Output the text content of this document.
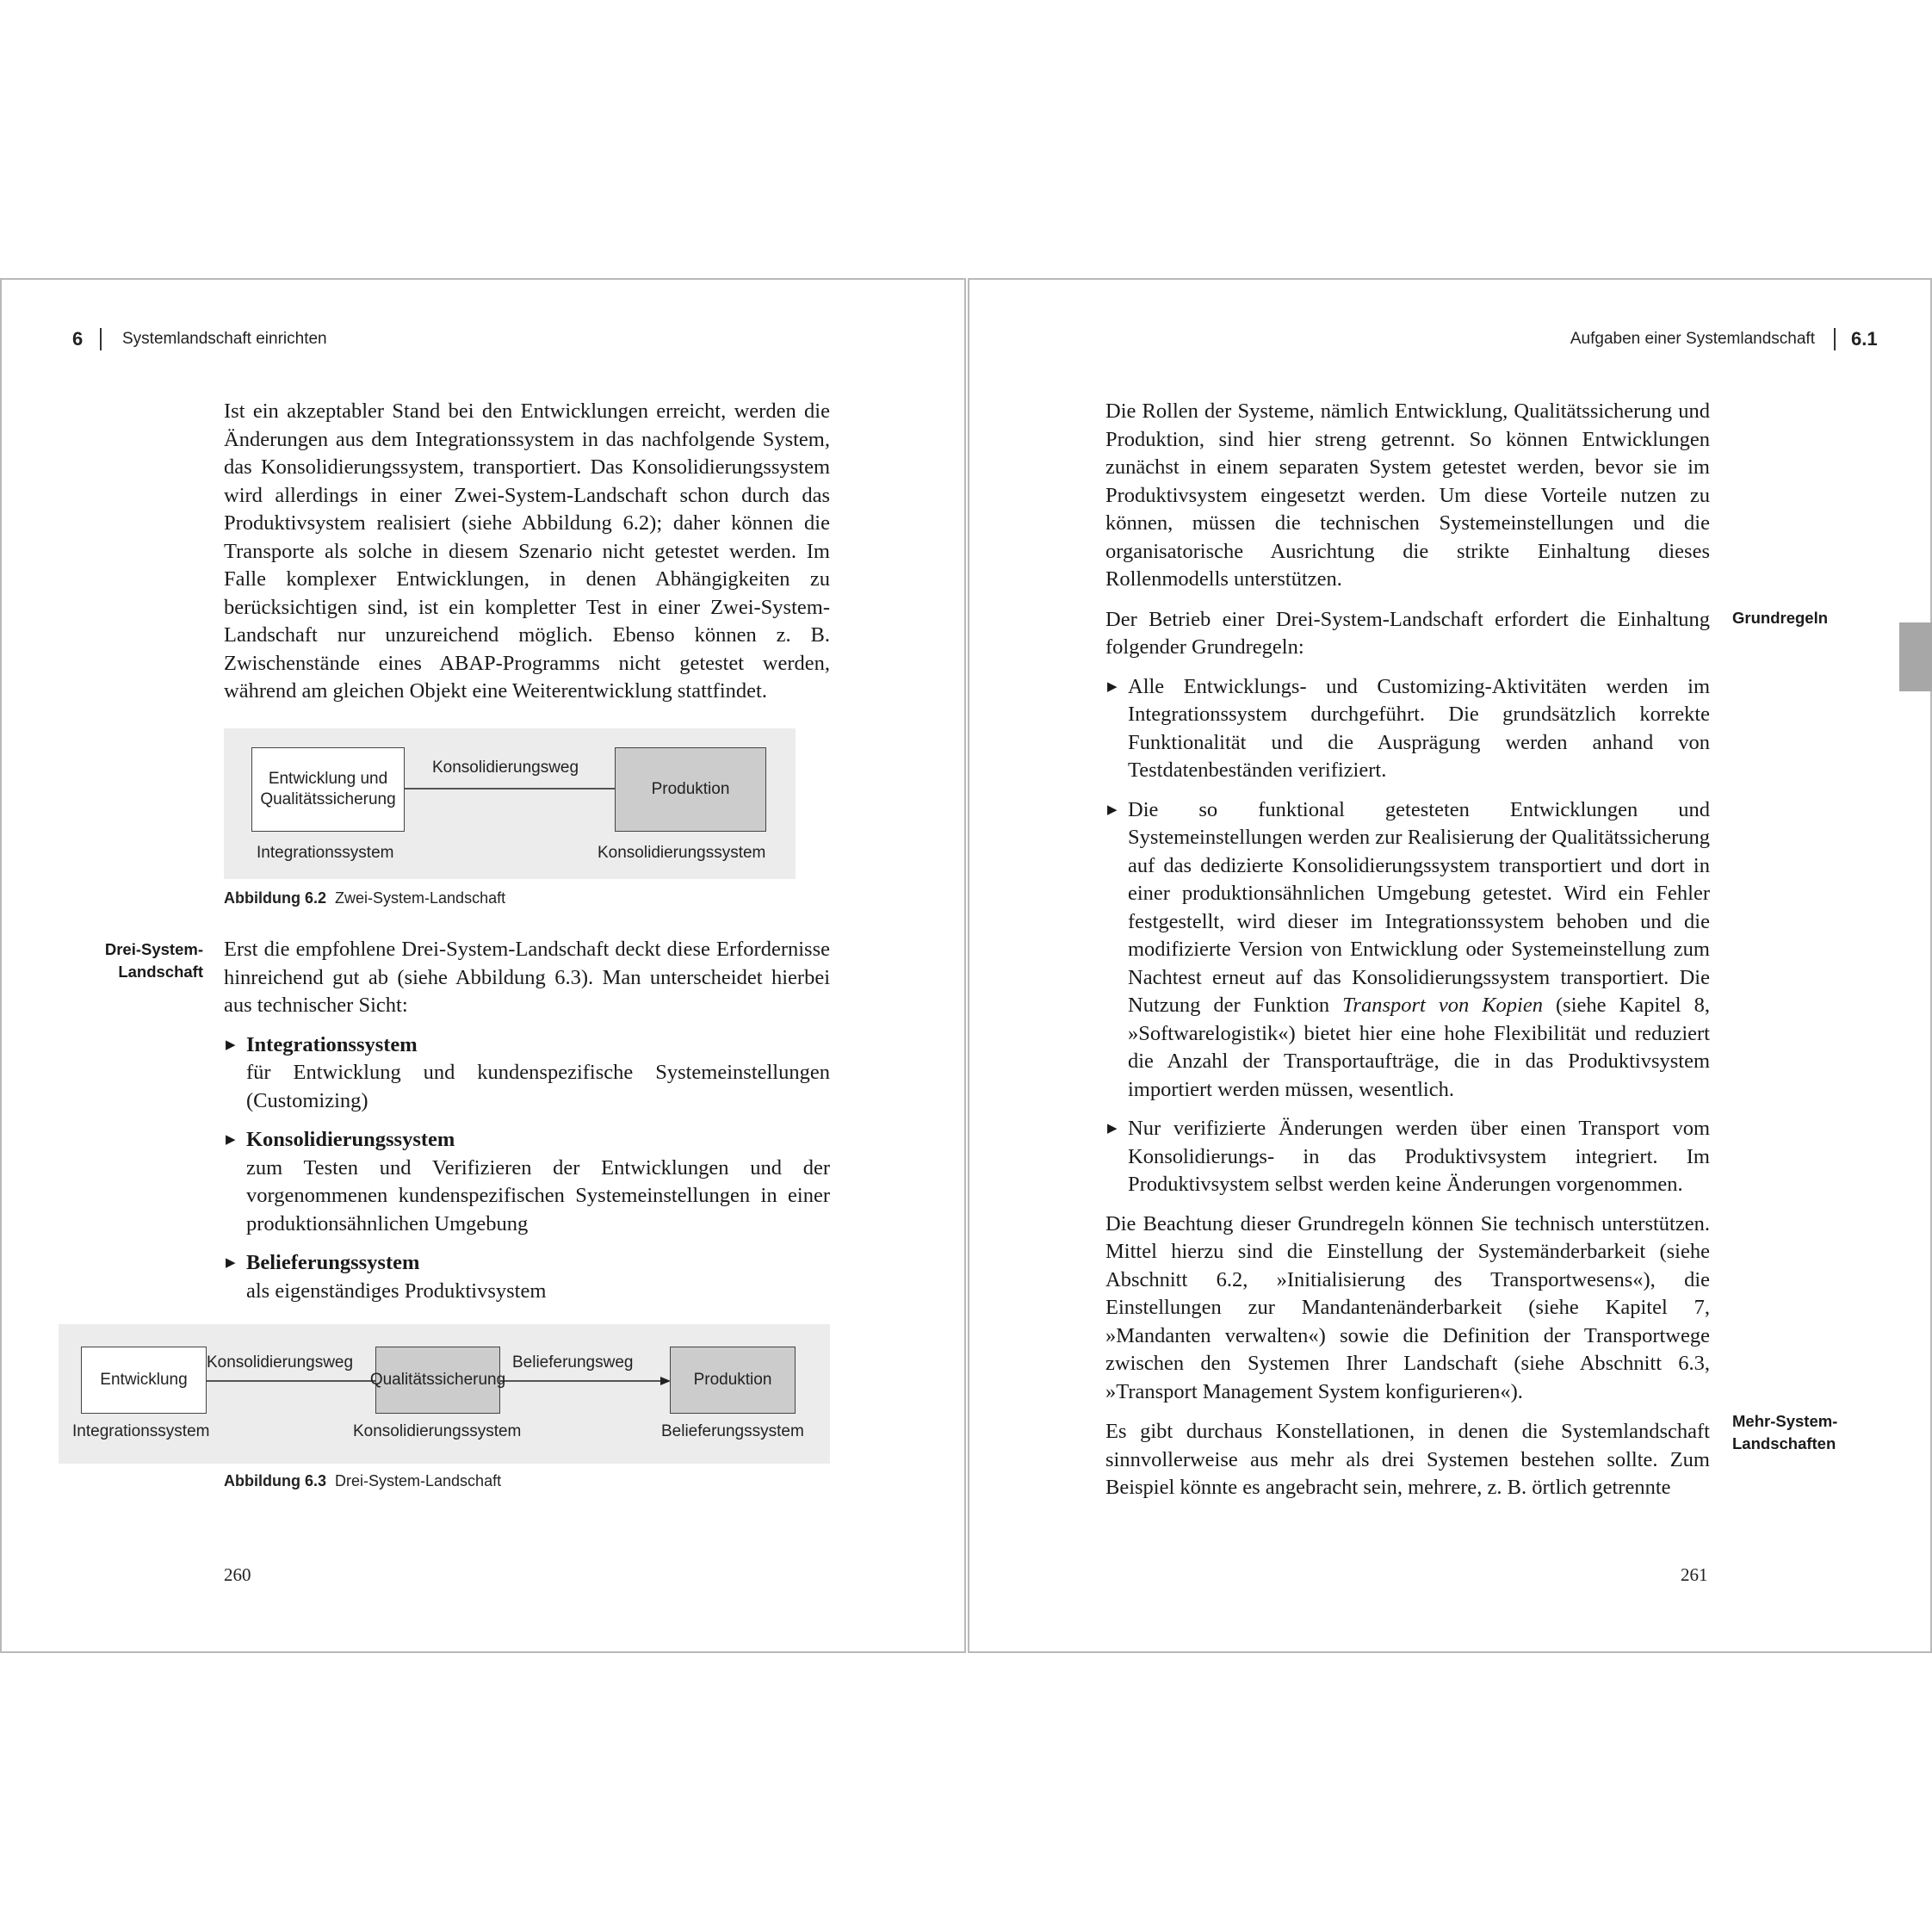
6 Systemlandschaft einrichten

Ist ein akzeptabler Stand bei den Entwicklungen erreicht, werden die Änderungen aus dem Integrationssystem in das nachfolgende System, das Konsolidierungssystem, transportiert. Das Konsolidierungssystem wird allerdings in einer Zwei-System-Landschaft schon durch das Produktivsystem realisiert (siehe Abbildung 6.2); daher können die Transporte als solche in diesem Szenario nicht getestet werden. Im Falle komplexer Entwicklungen, in denen Abhängigkeiten zu berücksichtigen sind, ist ein kompletter Test in einer Zwei-System-Landschaft nur unzureichend möglich. Ebenso können z. B. Zwischenstände eines ABAP-Programms nicht getestet werden, während am gleichen Objekt eine Weiterentwicklung stattfindet.

Entwicklung und Qualitätssicherung
Konsolidierungsweg
Produktion
Integrationssystem	Konsolidierungssystem
Abbildung 6.2 Zwei-System-Landschaft
Drei-System-Landschaft

Erst die empfohlene Drei-System-Landschaft deckt diese Erfordernisse hinreichend gut ab (siehe Abbildung 6.3). Man unterscheidet hierbei aus technischer Sicht:

▶ Integrationssystem
für Entwicklung und kundenspezifische Systemeinstellungen (Customizing)
▶ Konsolidierungssystem
zum Testen und Verifizieren der Entwicklungen und der vorgenommenen kundenspezifischen Systemeinstellungen in einer produktionsähnlichen Umgebung
▶ Belieferungssystem
als eigenständiges Produktivsystem
Entwicklung
Konsolidierungsweg
Qualitätssicherung
Belieferungsweg
Produktion
Integrationssystem	Konsolidierungssystem	Belieferungssystem
Abbildung 6.3 Drei-System-Landschaft
260
Aufgaben einer Systemlandschaft 6.1

Die Rollen der Systeme, nämlich Entwicklung, Qualitätssicherung und Produktion, sind hier streng getrennt. So können Entwicklungen zunächst in einem separaten System getestet werden, bevor sie im Produktivsystem eingesetzt werden. Um diese Vorteile nutzen zu können, müssen die technischen Systemeinstellungen und die organisatorische Ausrichtung die strikte Einhaltung dieses Rollenmodells unterstützen.

Der Betrieb einer Drei-System-Landschaft erfordert die Einhaltung folgender Grundregeln:

▶ Alle Entwicklungs- und Customizing-Aktivitäten werden im Integrationssystem durchgeführt. Die grundsätzlich korrekte Funktionalität und die Ausprägung werden anhand von Testdatenbeständen verifiziert.
▶ Die so funktional getesteten Entwicklungen und Systemeinstellungen werden zur Realisierung der Qualitätssicherung auf das dedizierte Konsolidierungssystem transportiert und dort in einer produktionsähnlichen Umgebung getestet. Wird ein Fehler festgestellt, wird dieser im Integrationssystem behoben und die modifizierte Version von Entwicklung oder Systemeinstellung zum Nachtest erneut auf das Konsolidierungssystem transportiert. Die Nutzung der Funktion Transport von Kopien (siehe Kapitel 8, »Softwarelogistik«) bietet hier eine hohe Flexibilität und reduziert die Anzahl der Transportaufträge, die in das Produktivsystem importiert werden müssen, wesentlich.
▶ Nur verifizierte Änderungen werden über einen Transport vom Konsolidierungs- in das Produktivsystem integriert. Im Produktivsystem selbst werden keine Änderungen vorgenommen.

Die Beachtung dieser Grundregeln können Sie technisch unterstützen. Mittel hierzu sind die Einstellung der Systemänderbarkeit (siehe Abschnitt 6.2, »Initialisierung des Transportwesens«), die Einstellungen zur Mandantenänderbarkeit (siehe Kapitel 7, »Mandanten verwalten«) sowie die Definition der Transportwege zwischen den Systemen Ihrer Landschaft (siehe Abschnitt 6.3, »Transport Management System konfigurieren«).

Es gibt durchaus Konstellationen, in denen die Systemlandschaft sinnvollerweise aus mehr als drei Systemen bestehen sollte. Zum Beispiel könnte es angebracht sein, mehrere, z. B. örtlich getrennte

Grundregeln
Mehr-System-Landschaften
261
